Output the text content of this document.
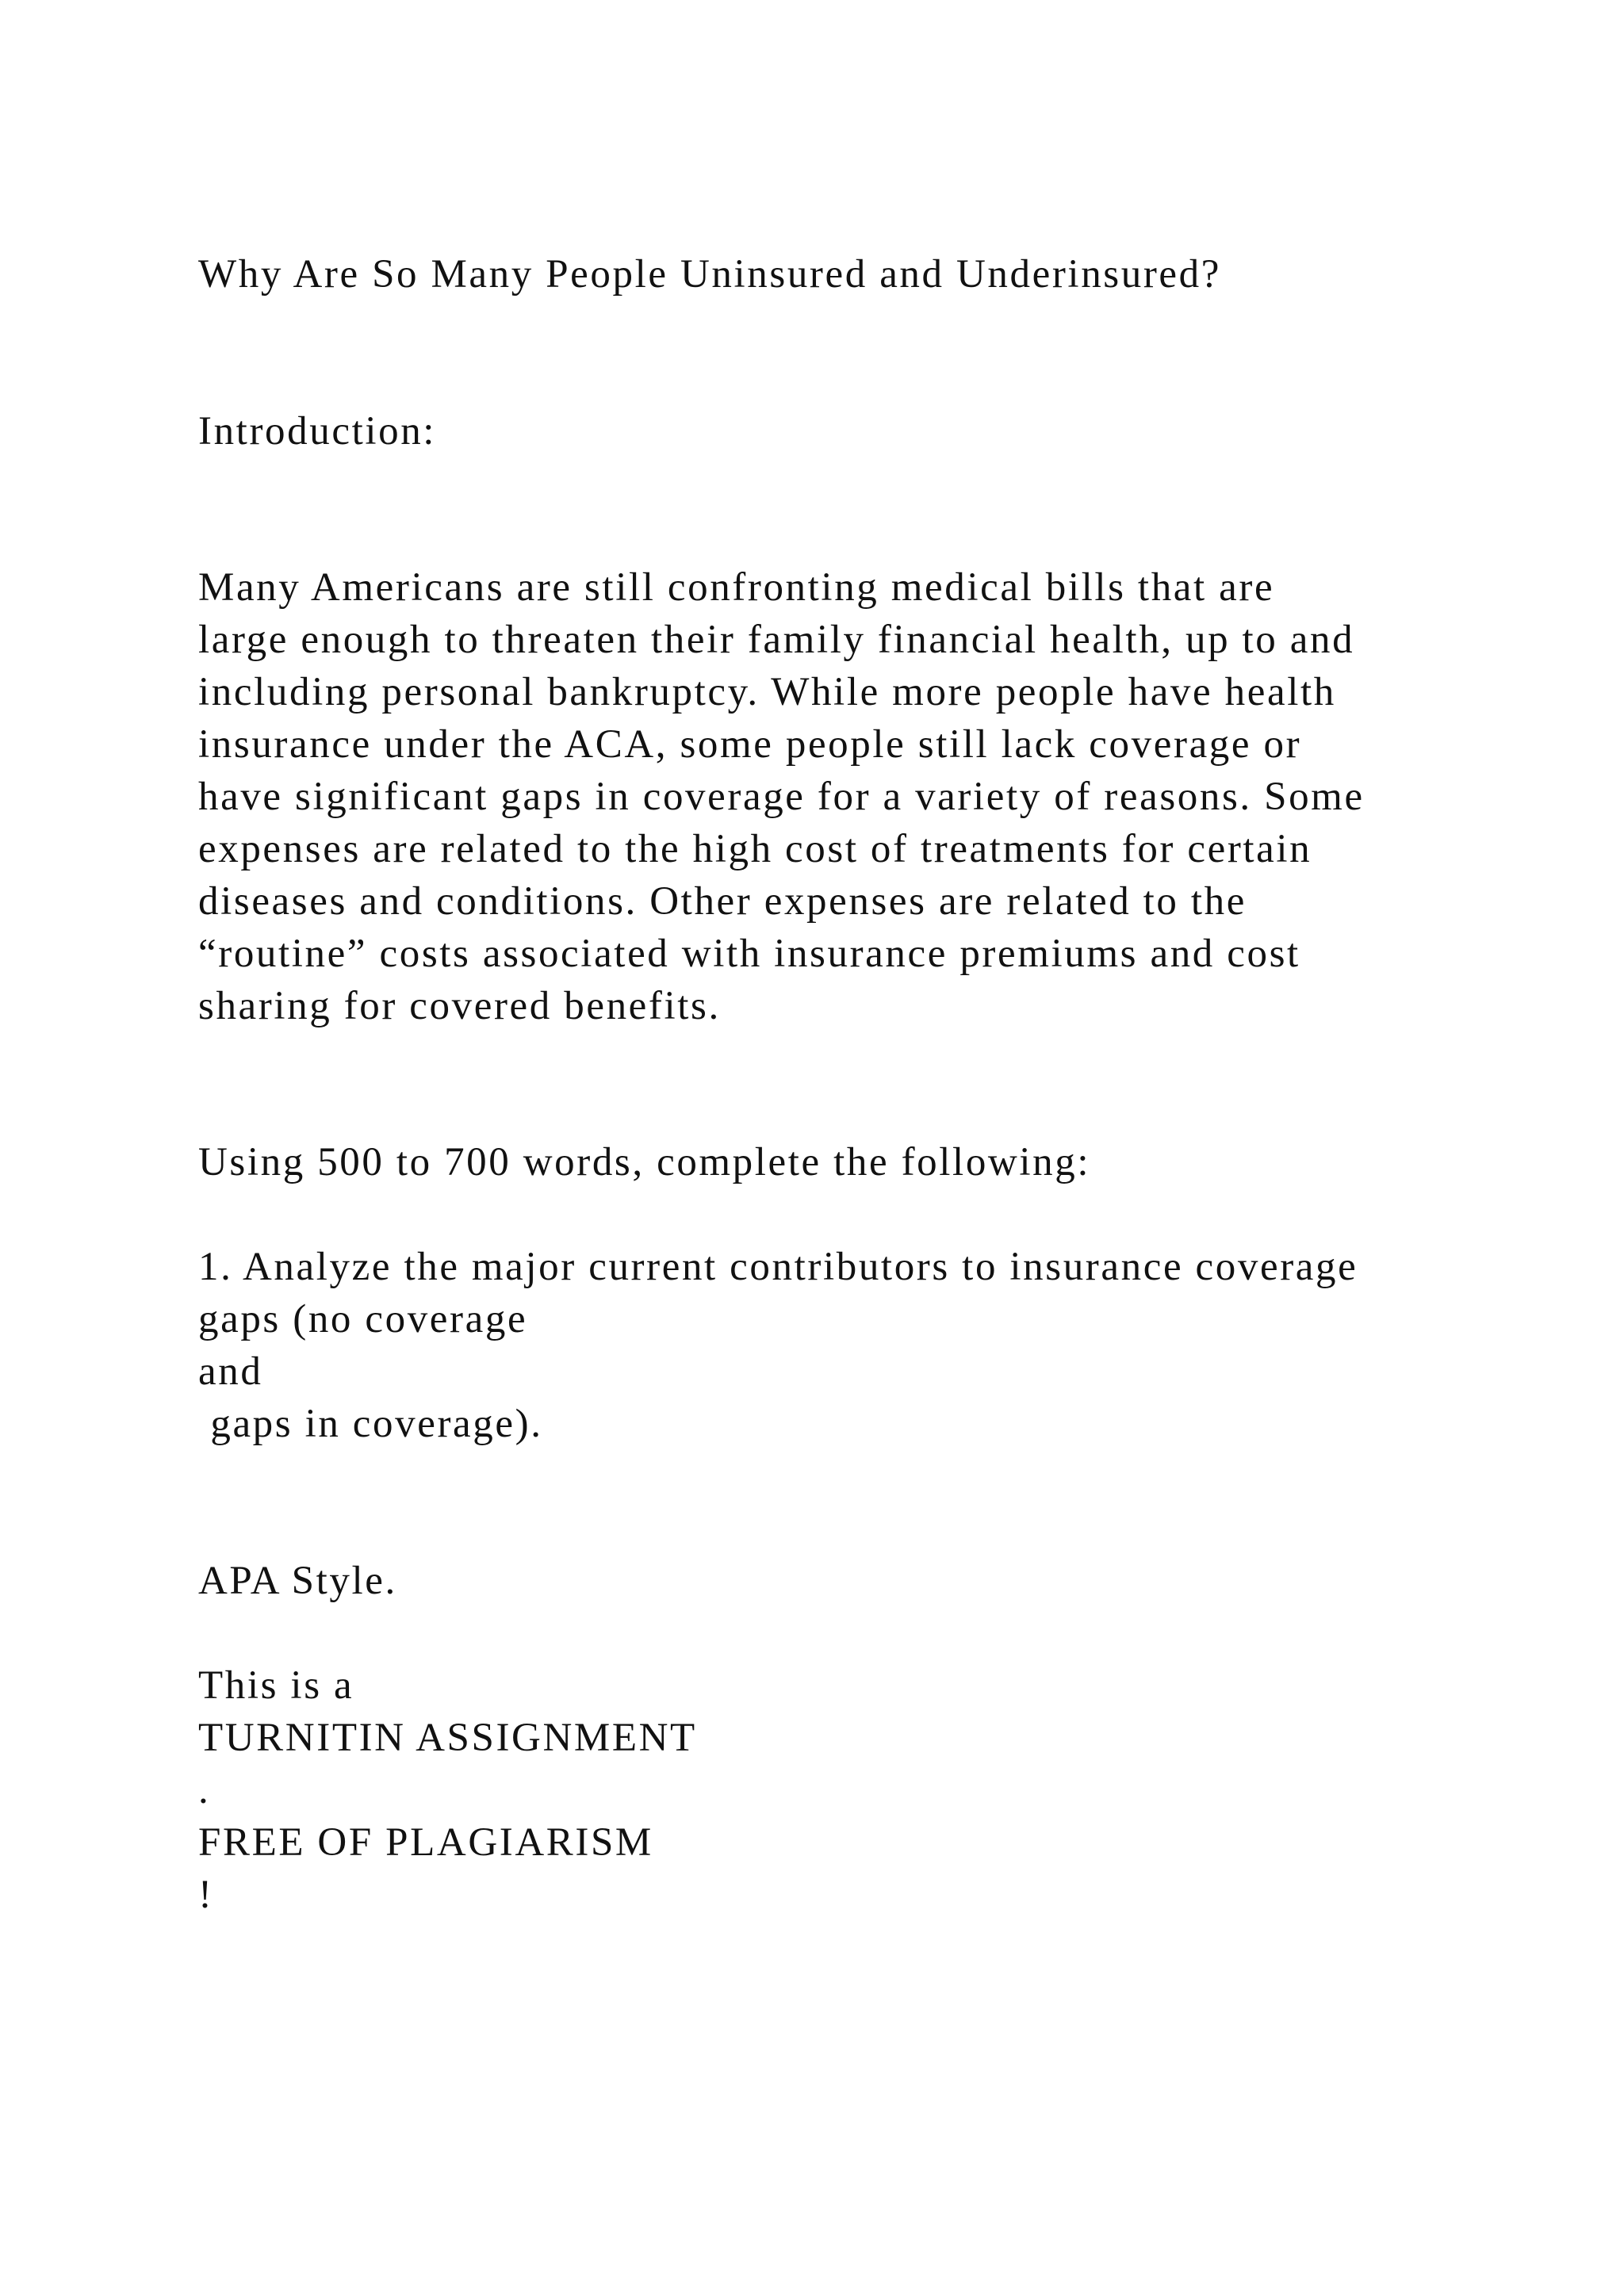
Why Are So Many People Uninsured and Underinsured?

Introduction:

Many Americans are still confronting medical bills that are

large enough to threaten their family financial health, up to and

including personal bankruptcy. While more people have health

insurance under the ACA, some people still lack coverage or

have significant gaps in coverage for a variety of reasons. Some

expenses are related to the high cost of treatments for certain

diseases and conditions. Other expenses are related to the

“routine” costs associated with insurance premiums and cost

sharing for covered benefits.

Using 500 to 700 words, complete the following:

1. Analyze the major current contributors to insurance coverage

gaps (no coverage

and

gaps in coverage).

APA Style.

This is a

TURNITIN ASSIGNMENT

.

FREE OF PLAGIARISM

!
